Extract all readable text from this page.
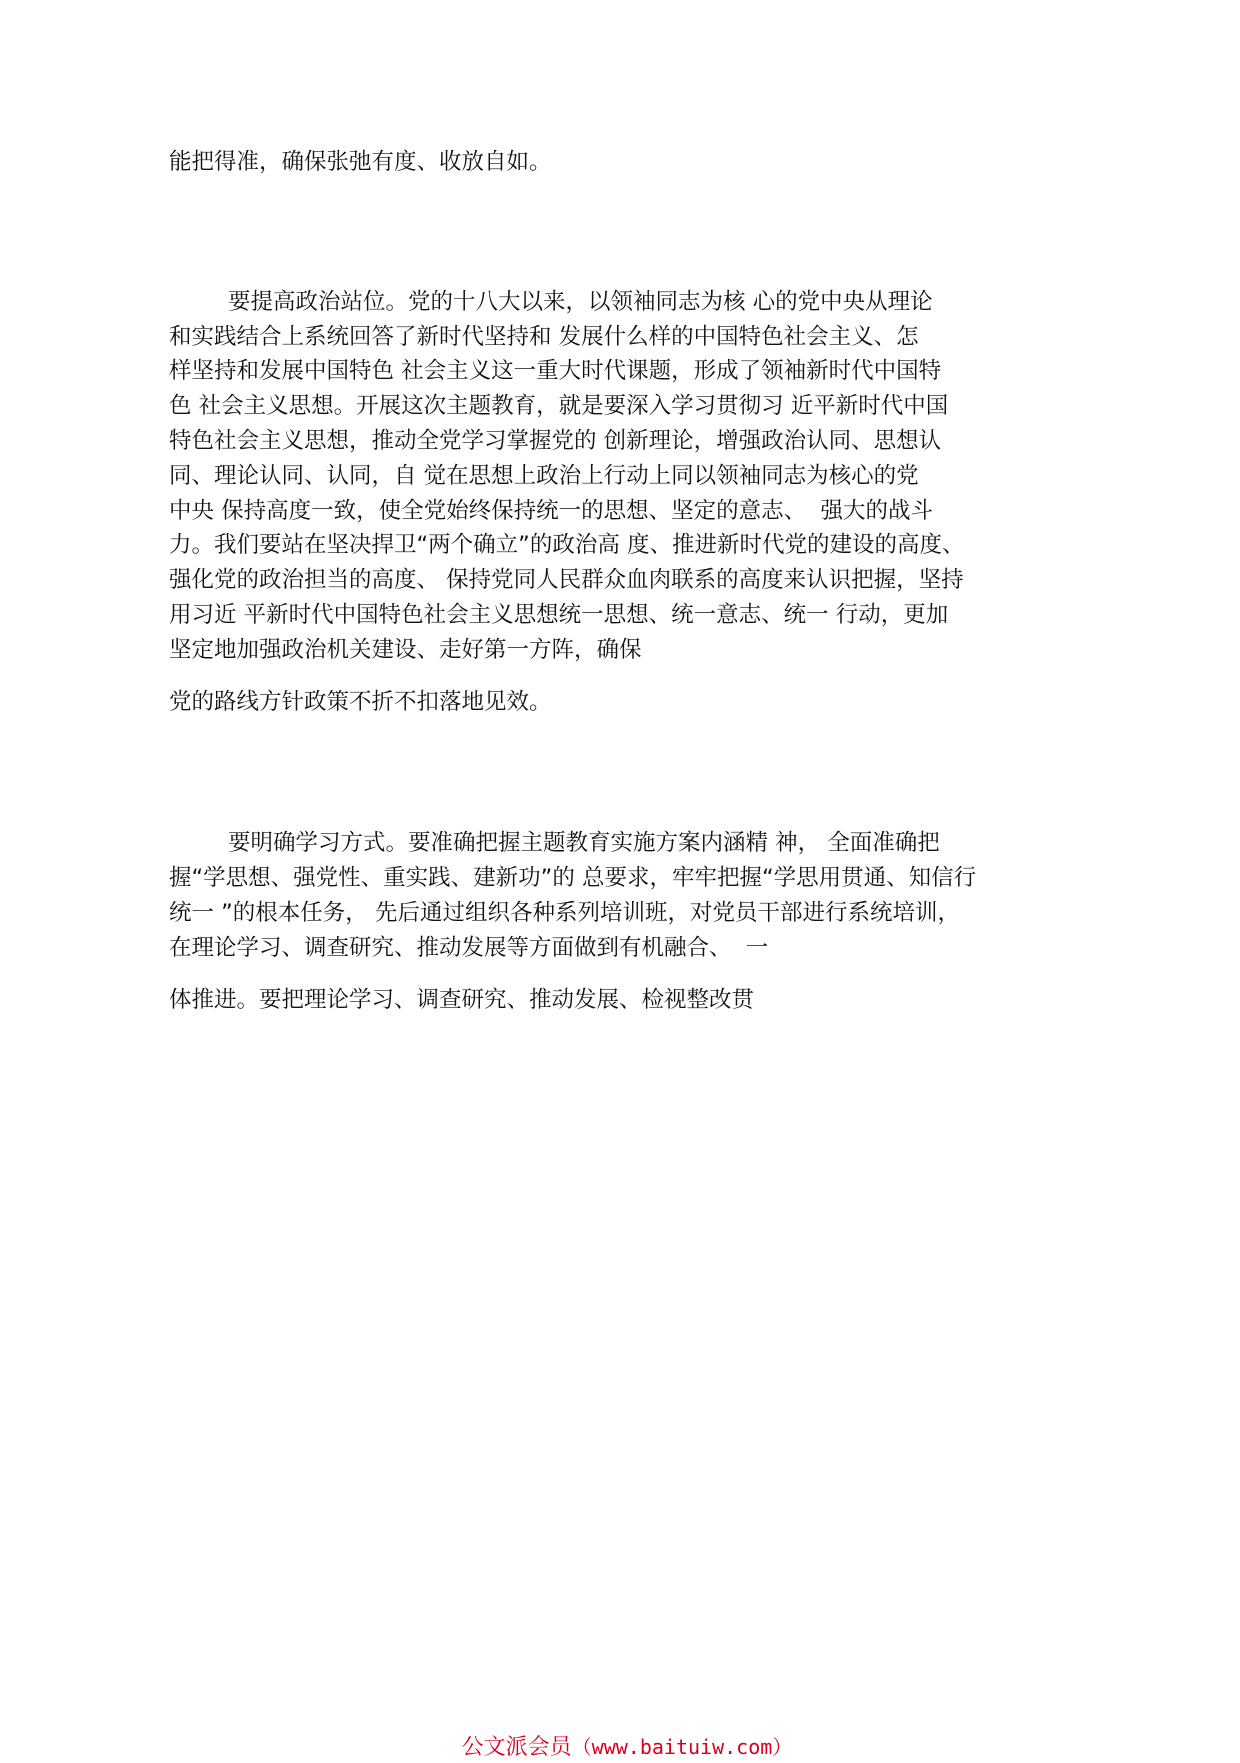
能把得准，确保张弛有度、收放自如。
要提高政治站位。党的十八大以来，以领袖同志为核 心的党中央从理论
和实践结合上系统回答了新时代坚持和 发展什么样的中国特色社会主义、怎
样坚持和发展中国特色 社会主义这一重大时代课题，形成了领袖新时代中国特
色 社会主义思想。开展这次主题教育，就是要深入学习贯彻习 近平新时代中国
特色社会主义思想，推动全党学习掌握党的 创新理论，增强政治认同、思想认
同、理论认同、认同，自 觉在思想上政治上行动上同以领袖同志为核心的党
中央 保持高度一致，使全党始终保持统一的思想、坚定的意志、  强大的战斗
力。我们要站在坚决捍卫“两个确立”的政治高 度、推进新时代党的建设的高度、
强化党的政治担当的高度、 保持党同人民群众血肉联系的高度来认识把握，坚持
用习近 平新时代中国特色社会主义思想统一思想、统一意志、统一 行动，更加
坚定地加强政治机关建设、走好第一方阵，确保
党的路线方针政策不折不扣落地见效。
要明确学习方式。要准确把握主题教育实施方案内涵精 神， 全面准确把
握“学思想、强党性、重实践、建新功”的 总要求，牢牢把握“学思用贯通、知信行
统一 ”的根本任务， 先后通过组织各种系列培训班，对党员干部进行系统培训，
在理论学习、调查研究、推动发展等方面做到有机融合、  一
体推进。要把理论学习、调查研究、推动发展、检视整改贯

公文派会员（www.baituiw.com）
